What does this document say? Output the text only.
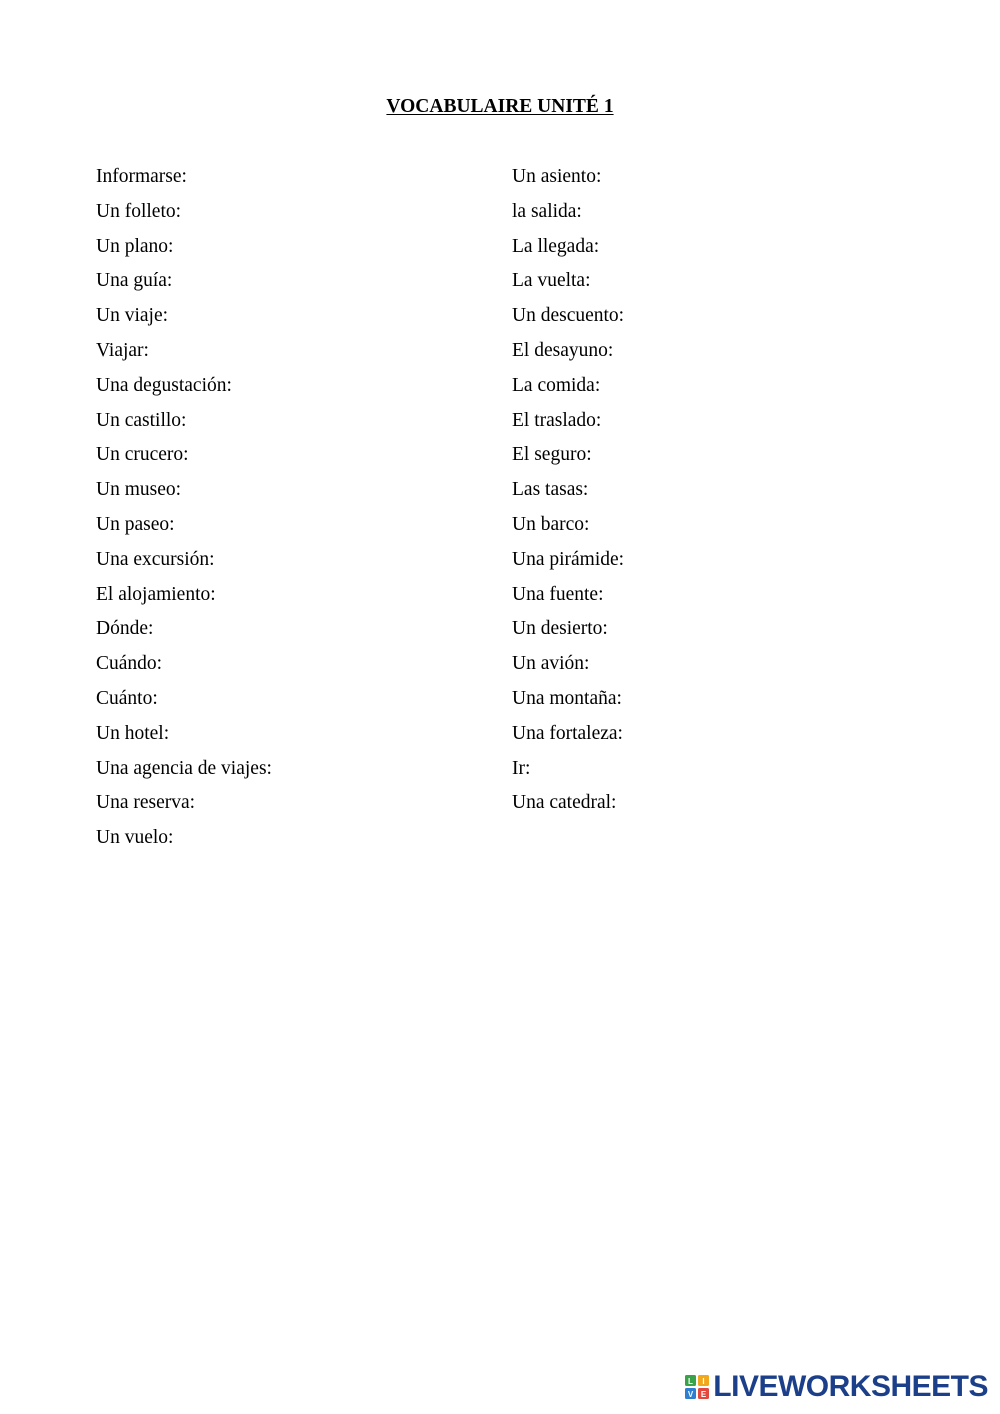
VOCABULAIRE UNITÉ 1
Informarse:
Un folleto:
Un plano:
Una guía:
Un viaje:
Viajar:
Una degustación:
Un castillo:
Un crucero:
Un museo:
Un paseo:
Una excursión:
El alojamiento:
Dónde:
Cuándo:
Cuánto:
Un hotel:
Una agencia de viajes:
Una reserva:
Un vuelo:
Un asiento:
la salida:
La llegada:
La vuelta:
Un descuento:
El desayuno:
La comida:
El traslado:
El seguro:
Las tasas:
Un barco:
Una pirámide:
Una fuente:
Un desierto:
Un avión:
Una montaña:
Una fortaleza:
Ir:
Una catedral:
L I
V E LIVEWORKSHEETS
